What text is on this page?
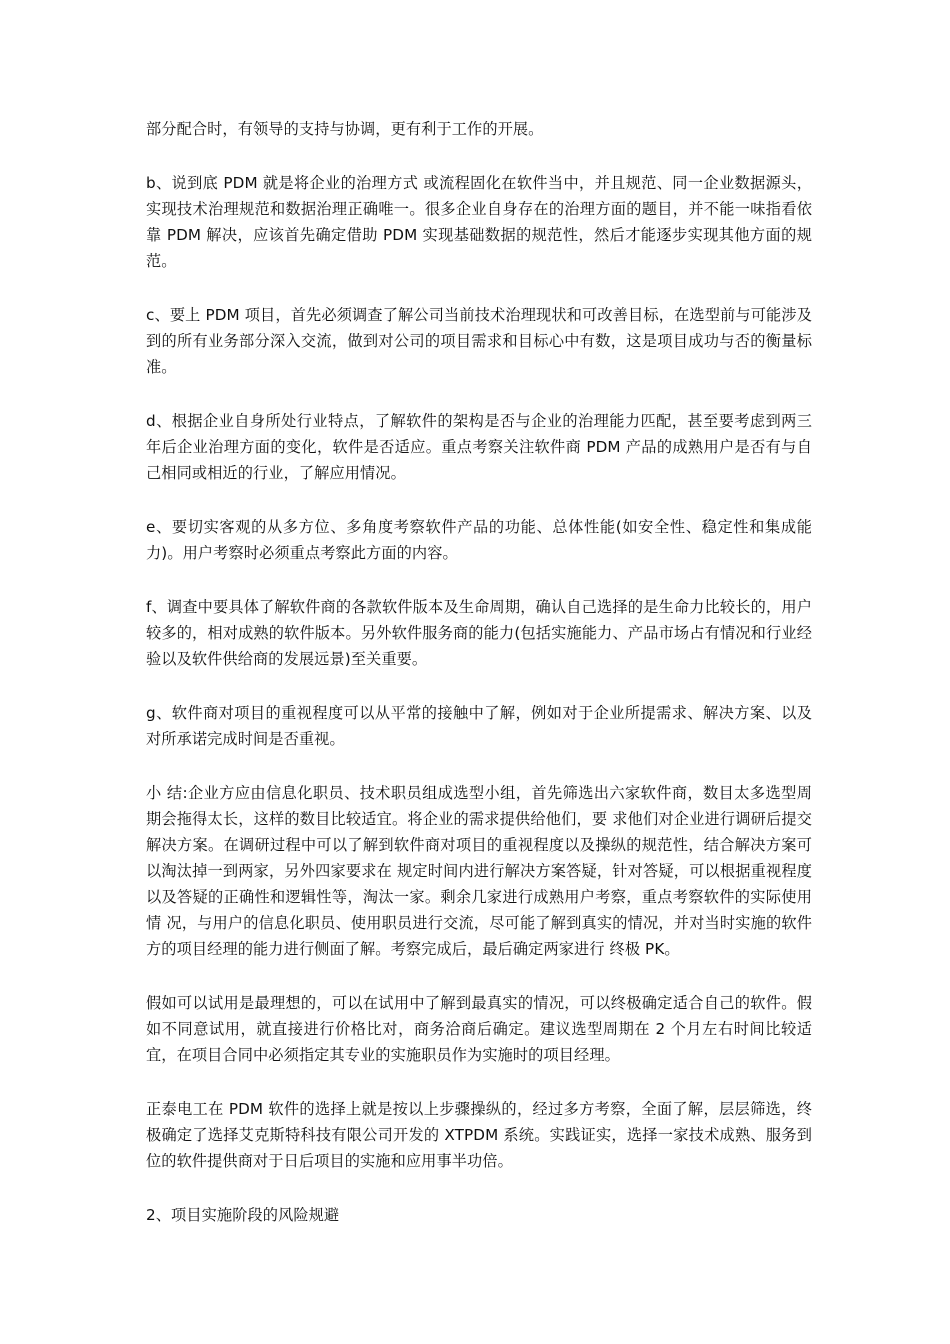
部分配合时，有领导的支持与协调，更有利于工作的开展。

b、说到底 PDM 就是将企业的治理方式 或流程固化在软件当中，并且规范、同一企业数据源头，实现技术治理规范和数据治理正确唯一。很多企业自身存在的治理方面的题目，并不能一味指看依靠 PDM 解决，应该首先确定借助 PDM 实现基础数据的规范性，然后才能逐步实现其他方面的规范。

c、要上 PDM 项目，首先必须调查了解公司当前技术治理现状和可改善目标，在选型前与可能涉及到的所有业务部分深入交流，做到对公司的项目需求和目标心中有数，这是项目成功与否的衡量标准。

d、根据企业自身所处行业特点，了解软件的架构是否与企业的治理能力匹配，甚至要考虑到两三年后企业治理方面的变化，软件是否适应。重点考察关注软件商 PDM 产品的成熟用户是否有与自己相同或相近的行业，了解应用情况。

e、要切实客观的从多方位、多角度考察软件产品的功能、总体性能(如安全性、稳定性和集成能力)。用户考察时必须重点考察此方面的内容。

f、调查中要具体了解软件商的各款软件版本及生命周期，确认自己选择的是生命力比较长的，用户较多的，相对成熟的软件版本。另外软件服务商的能力(包括实施能力、产品市场占有情况和行业经验以及软件供给商的发展远景)至关重要。

g、软件商对项目的重视程度可以从平常的接触中了解，例如对于企业所提需求、解决方案、以及对所承诺完成时间是否重视。

小 结:企业方应由信息化职员、技术职员组成选型小组，首先筛选出六家软件商，数目太多选型周期会拖得太长，这样的数目比较适宜。将企业的需求提供给他们，要 求他们对企业进行调研后提交解决方案。在调研过程中可以了解到软件商对项目的重视程度以及操纵的规范性，结合解决方案可以淘汰掉一到两家，另外四家要求在 规定时间内进行解决方案答疑，针对答疑，可以根据重视程度以及答疑的正确性和逻辑性等，淘汰一家。剩余几家进行成熟用户考察，重点考察软件的实际使用情 况，与用户的信息化职员、使用职员进行交流，尽可能了解到真实的情况，并对当时实施的软件方的项目经理的能力进行侧面了解。考察完成后，最后确定两家进行 终极 PK。

假如可以试用是最理想的，可以在试用中了解到最真实的情况，可以终极确定适合自己的软件。假如不同意试用，就直接进行价格比对，商务洽商后确定。建议选型周期在 2 个月左右时间比较适宜，在项目合同中必须指定其专业的实施职员作为实施时的项目经理。

正泰电工在 PDM 软件的选择上就是按以上步骤操纵的，经过多方考察，全面了解，层层筛选，终极确定了选择艾克斯特科技有限公司开发的 XTPDM 系统。实践证实，选择一家技术成熟、服务到位的软件提供商对于日后项目的实施和应用事半功倍。

2、项目实施阶段的风险规避
